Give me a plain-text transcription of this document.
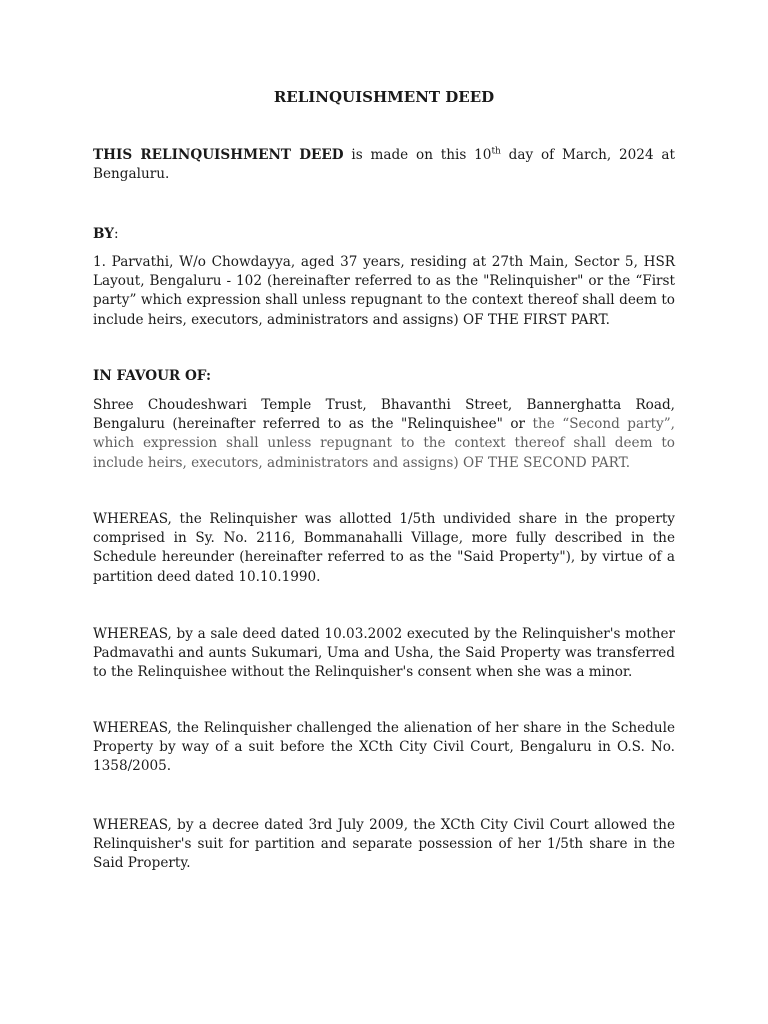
RELINQUISHMENT DEED

THIS RELINQUISHMENT DEED is made on this 10th day of March, 2024 at Bengaluru.

BY:

1. Parvathi, W/o Chowdayya, aged 37 years, residing at 27th Main, Sector 5, HSR Layout, Bengaluru - 102 (hereinafter referred to as the "Relinquisher" or the “First party” which expression shall unless repugnant to the context thereof shall deem to include heirs, executors, administrators and assigns) OF THE FIRST PART.

IN FAVOUR OF:

Shree Choudeshwari Temple Trust, Bhavanthi Street, Bannerghatta Road, Bengaluru (hereinafter referred to as the "Relinquishee" or the “Second party”, which expression shall unless repugnant to the context thereof shall deem to include heirs, executors, administrators and assigns) OF THE SECOND PART.

WHEREAS, the Relinquisher was allotted 1/5th undivided share in the property comprised in Sy. No. 2116, Bommanahalli Village, more fully described in the Schedule hereunder (hereinafter referred to as the "Said Property"), by virtue of a partition deed dated 10.10.1990.

WHEREAS, by a sale deed dated 10.03.2002 executed by the Relinquisher's mother Padmavathi and aunts Sukumari, Uma and Usha, the Said Property was transferred to the Relinquishee without the Relinquisher's consent when she was a minor.

WHEREAS, the Relinquisher challenged the alienation of her share in the Schedule Property by way of a suit before the XCth City Civil Court, Bengaluru in O.S. No. 1358/2005.

WHEREAS, by a decree dated 3rd July 2009, the XCth City Civil Court allowed the Relinquisher's suit for partition and separate possession of her 1/5th share in the Said Property.
